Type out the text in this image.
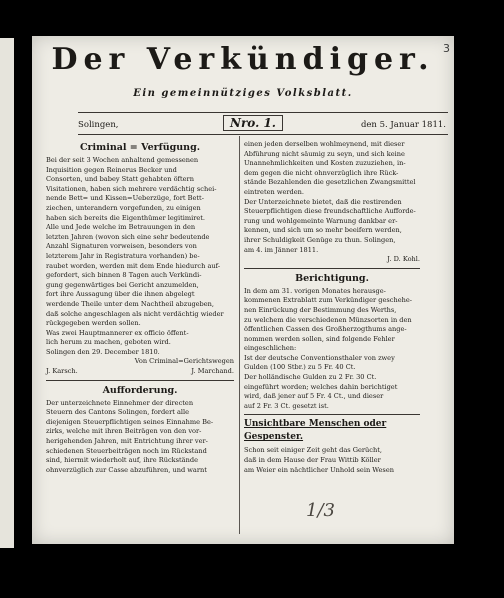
3
Der Verkündiger.
Ein gemeinnütziges Volksblatt.
Solingen,	Nro. 1.	den 5. Januar 1811.
Criminal = Verfügung.
Bei der seit 3 Wochen anhaltend gemessenen
Inquisition gegen Reinerus Becker und
Consorten, und babey Statt gehabten öftern
Visitationen, haben sich mehrere verdächtig schei-
nende Bett= und Kissen=Ueberzüge, fort Bett-
ziechen, unterandern vorgefunden, zu einigen
haben sich bereits die Eigenthümer legitimiret.
Alle und Jede welche im Betrauungen in den
letzten Jahren (wovon sich eine sehr bedeutende
Anzahl Signaturen vorweisen, besonders von
letzterem Jahr in Registratura vorhanden) be-
raubet worden, werden mit dem Ende hiedurch auf-
gefordert, sich binnen 8 Tagen auch Verkündi-
gung gegenwärtiges bei Gericht anzumelden,
fort ihre Aussagung über die ihnen abgelegt
werdende Theile unter dem Nachtheil abzugeben,
daß solche angeschlagen als nicht verdächtig wieder
rückgegeben werden sollen.
Was zwei Hauptmannerer ex officio öffent-
lich herum zu machen, geboten wird.
Solingen den 29. December 1810.
Von Criminal=Gerichtswegen
J. Karsch.	J. Marchand.
Aufforderung.
Der unterzeichnete Einnehmer der directen
Steuern des Cantons Solingen, fordert alle
diejenigen Steuerpflichtigen seines Einnahme Be-
zirks, welche mit ihren Beiträgen von den vor-
herigehenden Jahren, mit Entrichtung ihrer ver-
schiedenen Steuerbeiträgen noch im Rückstand
sind, hiermit wiederholt auf, ihre Rückstände
ohnverzüglich zur Casse abzuführen, und warnt
einen jeden derselben wohlmeynend, mit dieser
Abführung nicht säumig zu seyn, und sich keine
Unannehmlichkeiten und Kosten zuzuziehen, in-
dem gegen die nicht ohnverzüglich ihre Rück-
stände Bezahlenden die gesetzlichen Zwangsmittel
eintreten werden.
Der Unterzeichnete bietet, daß die restirenden
Steuerpflichtigen diese freundschaftliche Aufforde-
rung und wohlgemeinte Warnung dankbar er-
kennen, und sich um so mehr beeifern werden,
ihrer Schuldigkeit Genüge zu thun. Solingen,
am 4. im Jänner 1811.
J. D. Kohl.
Berichtigung.
In dem am 31. vorigen Monates herausge-
kommenen Extrablatt zum Verkündiger geschehe-
nen Einrückung der Bestimmung des Werths,
zu welchem die verschiedenen Münzsorten in den
öffentlichen Cassen des Großherzogthums ange-
nommen werden sollen, sind folgende Fehler
eingeschlichen:
Ist der deutsche Conventionsthaler von zwey
Gulden (100 Stbr.) zu 5 Fr. 40 Ct.
Der holländische Gulden zu 2 Fr. 30 Ct.
eingeführt worden; welches dahin berichtiget
wird, daß jener auf 5 Fr. 4 Ct., und dieser
auf 2 Fr. 3 Ct. gesetzt ist.
Unsichtbare Menschen oder Gespenster.
Schon seit einiger Zeit geht das Gerücht,
daß in dem Hause der Frau Wittib Köller
am Weier ein nächtlicher Unhold sein Wesen
1/3
